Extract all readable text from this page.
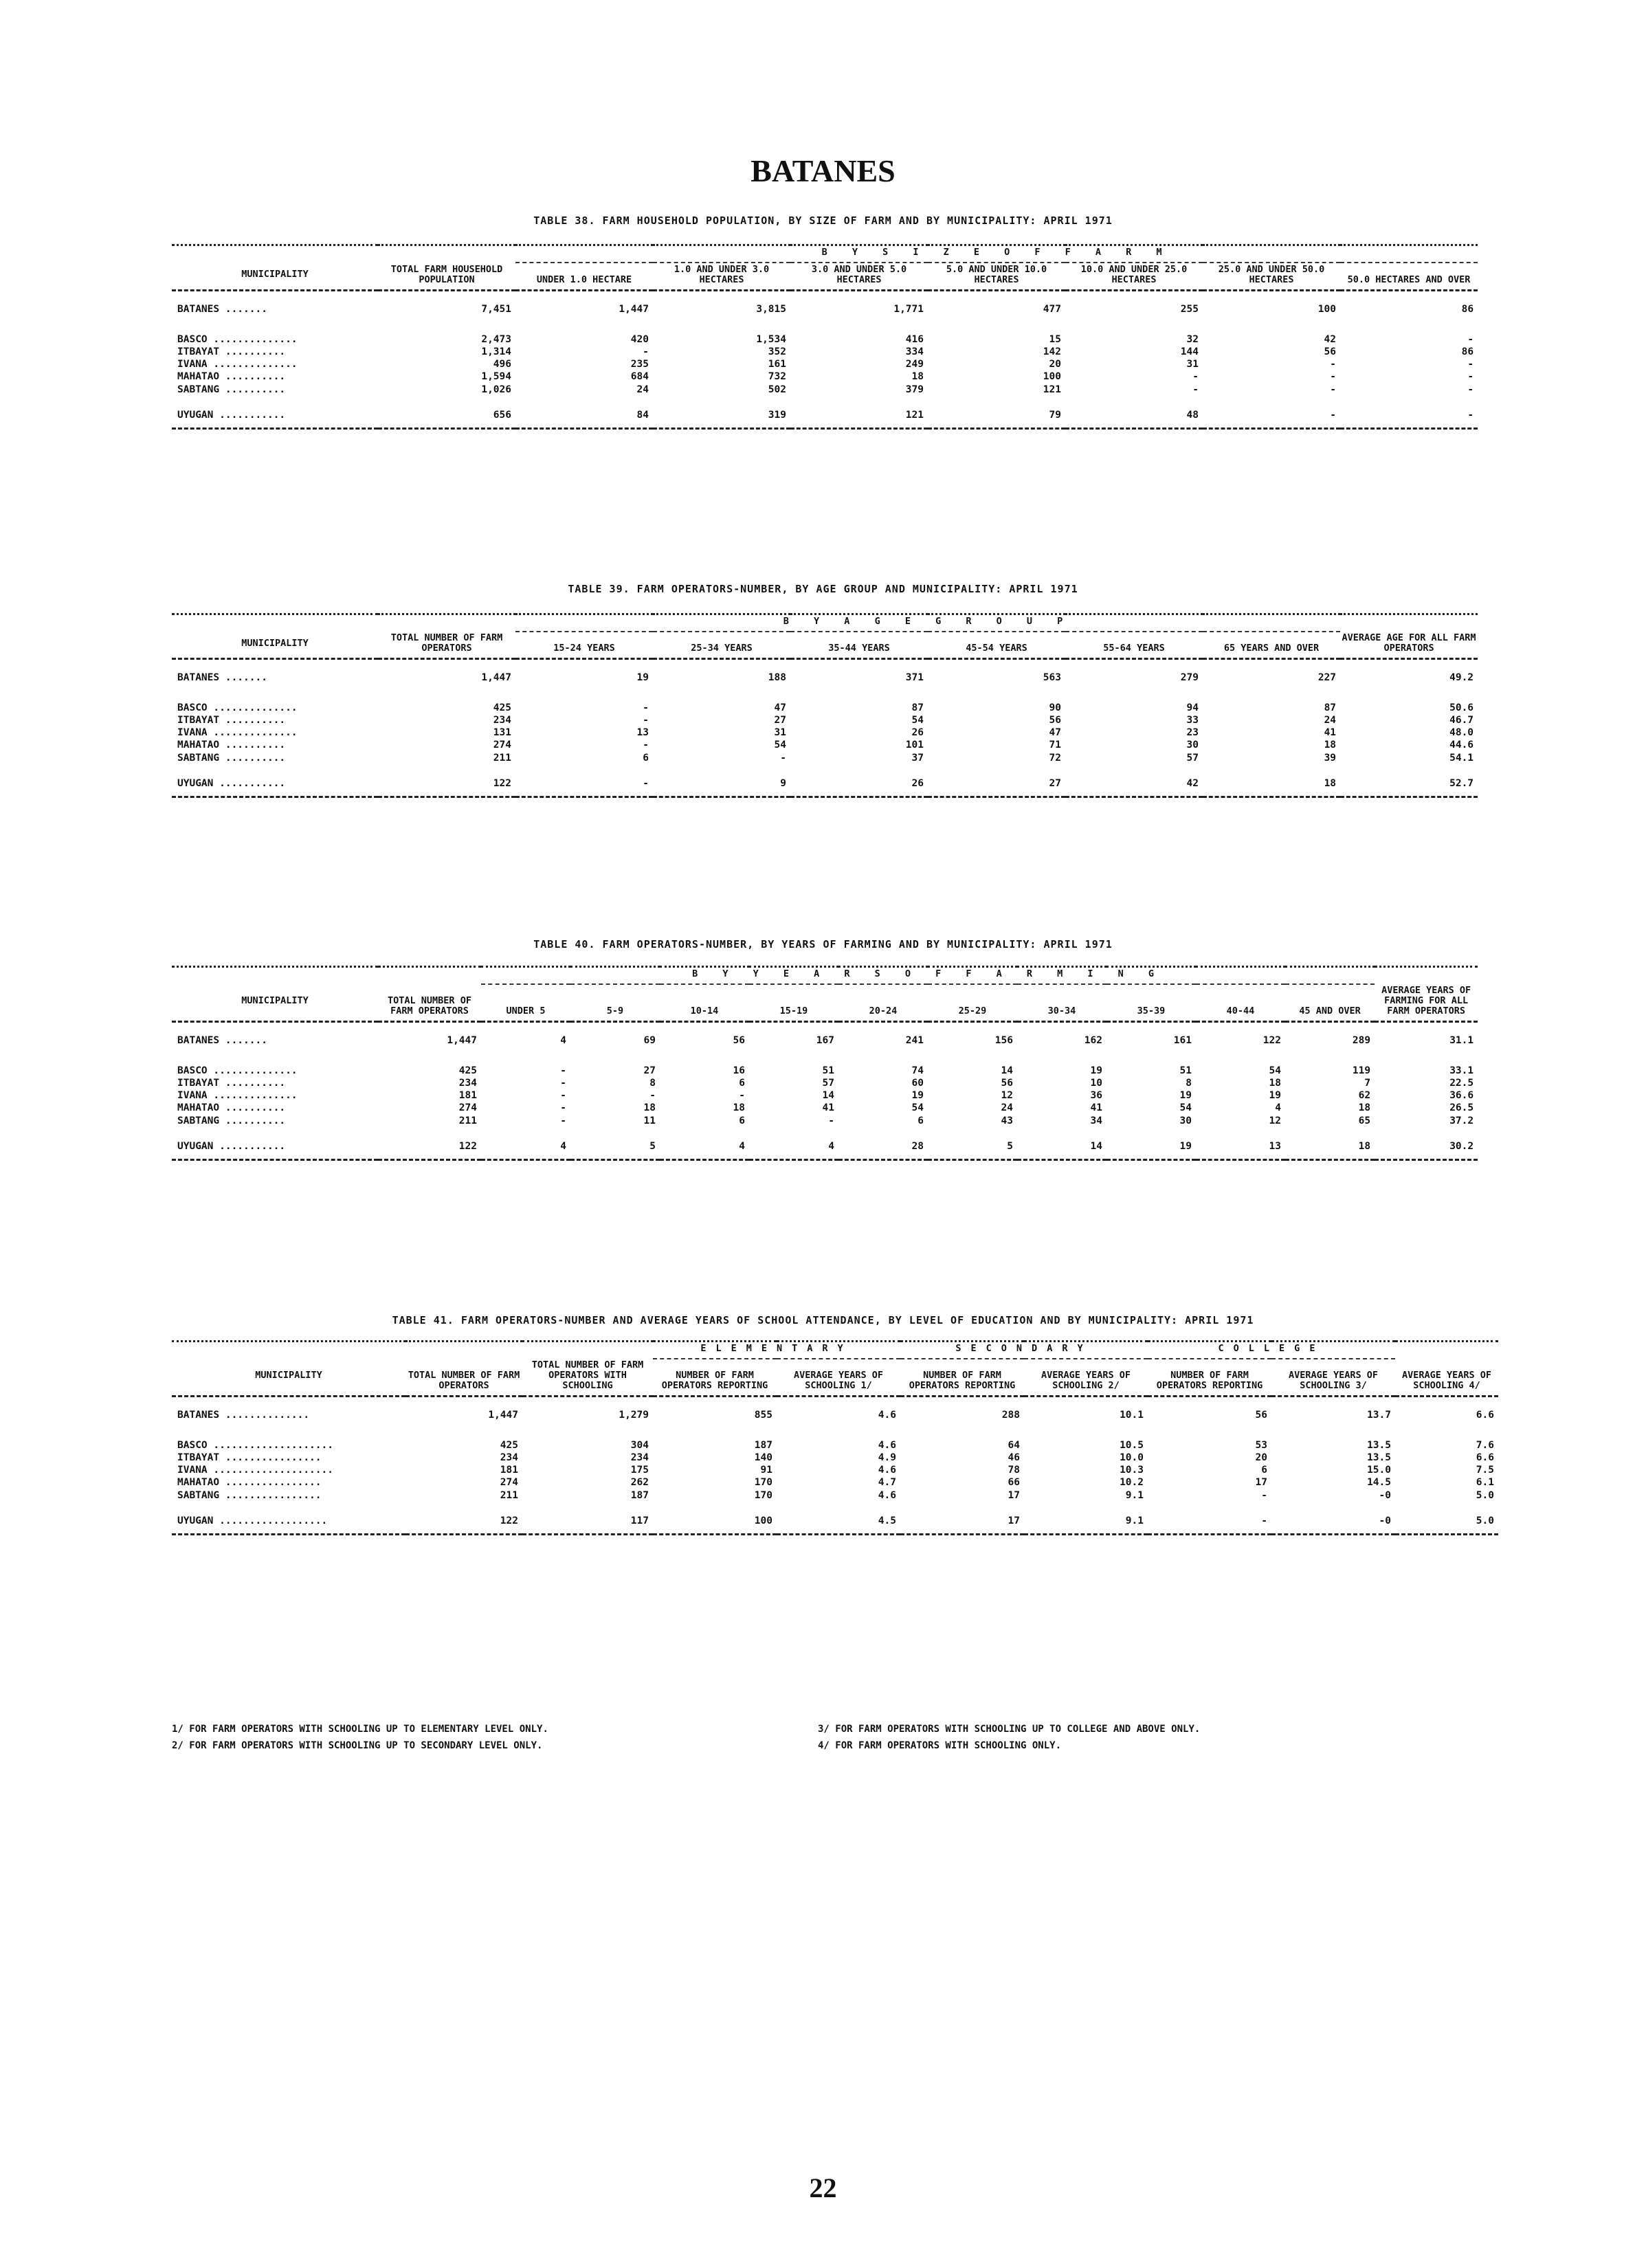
BATANES
TABLE 38. FARM HOUSEHOLD POPULATION, BY SIZE OF FARM AND BY MUNICIPALITY: APRIL 1971
		B Y S I Z E O F F A R M						
MUNICIPALITY	TOTAL FARM HOUSEHOLD POPULATION	UNDER 1.0 HECTARE	1.0 AND UNDER 3.0 HECTARES	3.0 AND UNDER 5.0 HECTARES	5.0 AND UNDER 10.0 HECTARES	10.0 AND UNDER 25.0 HECTARES	25.0 AND UNDER 50.0 HECTARES	50.0 HECTARES AND OVER
BATANES .......	7,451	1,447	3,815	1,771	477	255	100	86
BASCO ..............	2,473	420	1,534	416	15	32	42	-
ITBAYAT ..........	1,314	-	352	334	142	144	56	86
IVANA ..............	496	235	161	249	20	31	-	-
MAHATAO ..........	1,594	684	732	18	100	-	-	-
SABTANG ..........	1,026	24	502	379	121	-	-	-
UYUGAN ...........	656	84	319	121	79	48	-	-
TABLE 39. FARM OPERATORS-NUMBER, BY AGE GROUP AND MUNICIPALITY: APRIL 1971
		B Y A G E G R O U P						
MUNICIPALITY	TOTAL NUMBER OF FARM OPERATORS	15-24 YEARS	25-34 YEARS	35-44 YEARS	45-54 YEARS	55-64 YEARS	65 YEARS AND OVER	AVERAGE AGE FOR ALL FARM OPERATORS
BATANES .......	1,447	19	188	371	563	279	227	49.2
BASCO ..............	425	-	47	87	90	94	87	50.6
ITBAYAT ..........	234	-	27	54	56	33	24	46.7
IVANA ..............	131	13	31	26	47	23	41	48.0
MAHATAO ..........	274	-	54	101	71	30	18	44.6
SABTANG ..........	211	6	-	37	72	57	39	54.1
UYUGAN ...........	122	-	9	26	27	42	18	52.7
TABLE 40. FARM OPERATORS-NUMBER, BY YEARS OF FARMING AND BY MUNICIPALITY: APRIL 1971
		B Y Y E A R S O F F A R M I N G										
MUNICIPALITY	TOTAL NUMBER OF FARM OPERATORS	UNDER 5	5-9	10-14	15-19	20-24	25-29	30-34	35-39	40-44	45 AND OVER	AVERAGE YEARS OF FARMING FOR ALL FARM OPERATORS
BATANES .......	1,447	4	69	56	167	241	156	162	161	122	289	31.1
BASCO ..............	425	-	27	16	51	74	14	19	51	54	119	33.1
ITBAYAT ..........	234	-	8	6	57	60	56	10	8	18	7	22.5
IVANA ..............	181	-	-	-	14	19	12	36	19	19	62	36.6
MAHATAO ..........	274	-	18	18	41	54	24	41	54	4	18	26.5
SABTANG ..........	211	-	11	6	-	6	43	34	30	12	65	37.2
UYUGAN ...........	122	4	5	4	4	28	5	14	19	13	18	30.2
TABLE 41. FARM OPERATORS-NUMBER AND AVERAGE YEARS OF SCHOOL ATTENDANCE, BY LEVEL OF EDUCATION AND BY MUNICIPALITY: APRIL 1971
			ELEMENTARY		SECONDARY		COLLEGE		
MUNICIPALITY	TOTAL NUMBER OF FARM OPERATORS	TOTAL NUMBER OF FARM OPERATORS WITH SCHOOLING	NUMBER OF FARM OPERATORS REPORTING	AVERAGE YEARS OF SCHOOLING 1/	NUMBER OF FARM OPERATORS REPORTING	AVERAGE YEARS OF SCHOOLING 2/	NUMBER OF FARM OPERATORS REPORTING	AVERAGE YEARS OF SCHOOLING 3/	AVERAGE YEARS OF SCHOOLING 4/
BATANES ..............	1,447	1,279	855	4.6	288	10.1	56	13.7	6.6
BASCO ....................	425	304	187	4.6	64	10.5	53	13.5	7.6
ITBAYAT ................	234	234	140	4.9	46	10.0	20	13.5	6.6
IVANA ....................	181	175	91	4.6	78	10.3	6	15.0	7.5
MAHATAO ................	274	262	170	4.7	66	10.2	17	14.5	6.1
SABTANG ................	211	187	170	4.6	17	9.1	-	-0	5.0
UYUGAN ..................	122	117	100	4.5	17	9.1	-	-0	5.0
1/ FOR FARM OPERATORS WITH SCHOOLING UP TO ELEMENTARY LEVEL ONLY.
2/ FOR FARM OPERATORS WITH SCHOOLING UP TO SECONDARY LEVEL ONLY.
3/ FOR FARM OPERATORS WITH SCHOOLING UP TO COLLEGE AND ABOVE ONLY.
4/ FOR FARM OPERATORS WITH SCHOOLING ONLY.
22
